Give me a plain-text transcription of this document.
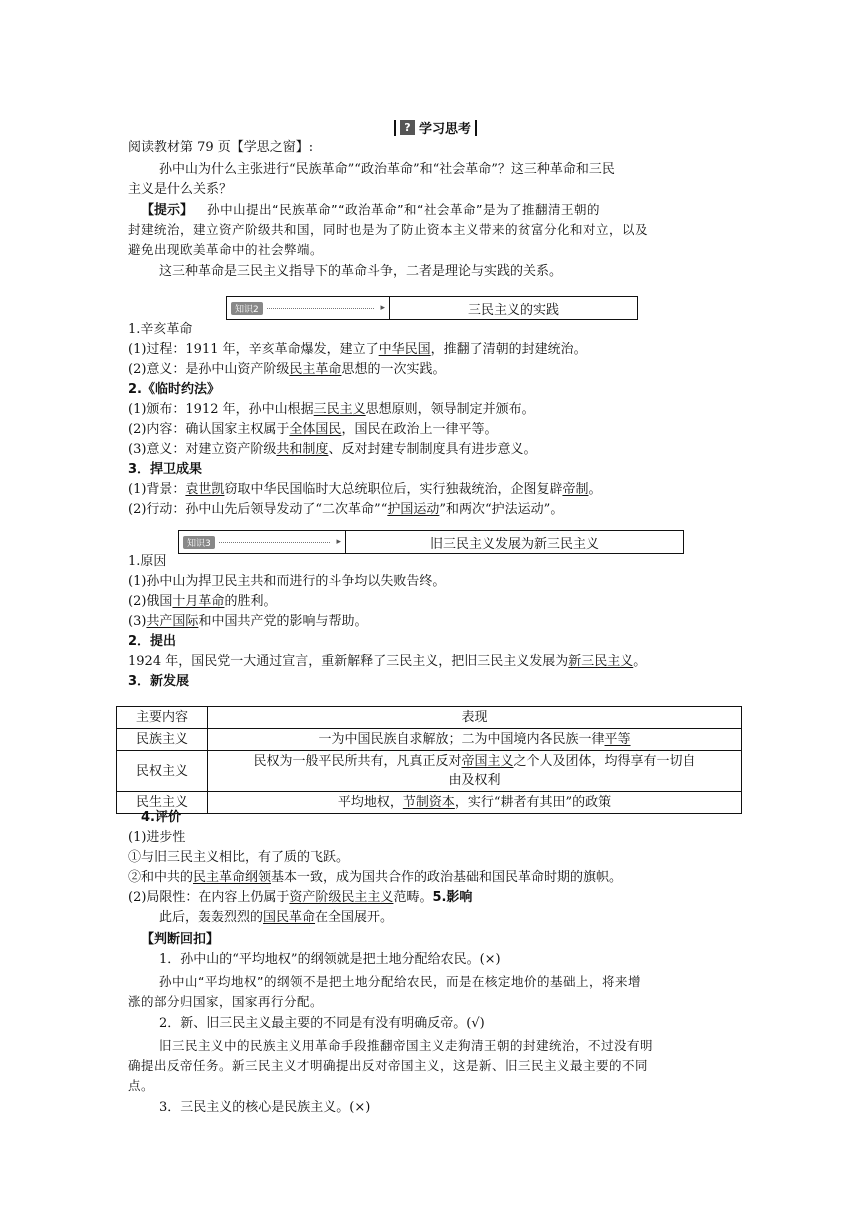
? 学习思考
阅读教材第 79 页【学思之窗】:
孙中山为什么主张进行“民族革命”“政治革命”和“社会革命”？这三种革命和三民
主义是什么关系？
【提示】 孙中山提出“民族革命”“政治革命”和“社会革命”是为了推翻清王朝的
封建统治，建立资产阶级共和国，同时也是为了防止资本主义带来的贫富分化和对立，以及
避免出现欧美革命中的社会弊端。
这三种革命是三民主义指导下的革命斗争，二者是理论与实践的关系。
知识2	▸	三民主义的实践
1.辛亥革命
(1)过程：1911 年，辛亥革命爆发，建立了中华民国，推翻了清朝的封建统治。
(2)意义：是孙中山资产阶级民主革命思想的一次实践。
2.《临时约法》
(1)颁布：1912 年，孙中山根据三民主义思想原则，领导制定并颁布。
(2)内容：确认国家主权属于全体国民，国民在政治上一律平等。
(3)意义：对建立资产阶级共和制度、反对封建专制制度具有进步意义。
3．捍卫成果
(1)背景：袁世凯窃取中华民国临时大总统职位后，实行独裁统治，企图复辟帝制。
(2)行动：孙中山先后领导发动了“二次革命”“护国运动”和两次“护法运动”。
知识3	▸	旧三民主义发展为新三民主义
1.原因
(1)孙中山为捍卫民主共和而进行的斗争均以失败告终。
(2)俄国十月革命的胜利。
(3)共产国际和中国共产党的影响与帮助。
2．提出
1924 年，国民党一大通过宣言，重新解释了三民主义，把旧三民主义发展为新三民主义。
3．新发展
主要内容	表现
民族主义	一为中国民族自求解放；二为中国境内各民族一律平等
民权主义	民权为一般平民所共有，凡真正反对帝国主义之个人及团体，均得享有一切自
由及权利
民生主义	平均地权，节制资本，实行“耕者有其田”的政策
4.评价
(1)进步性
①与旧三民主义相比，有了质的飞跃。
②和中共的民主革命纲领基本一致，成为国共合作的政治基础和国民革命时期的旗帜。
(2)局限性：在内容上仍属于资产阶级民主主义范畴。5.影响
此后，轰轰烈烈的国民革命在全国展开。
【判断回扣】
1．孙中山的“平均地权”的纲领就是把土地分配给农民。(×)
孙中山“平均地权”的纲领不是把土地分配给农民，而是在核定地价的基础上，将来增
涨的部分归国家，国家再行分配。
2．新、旧三民主义最主要的不同是有没有明确反帝。(√)
旧三民主义中的民族主义用革命手段推翻帝国主义走狗清王朝的封建统治，不过没有明
确提出反帝任务。新三民主义才明确提出反对帝国主义，这是新、旧三民主义最主要的不同
点。
3．三民主义的核心是民族主义。(×)
